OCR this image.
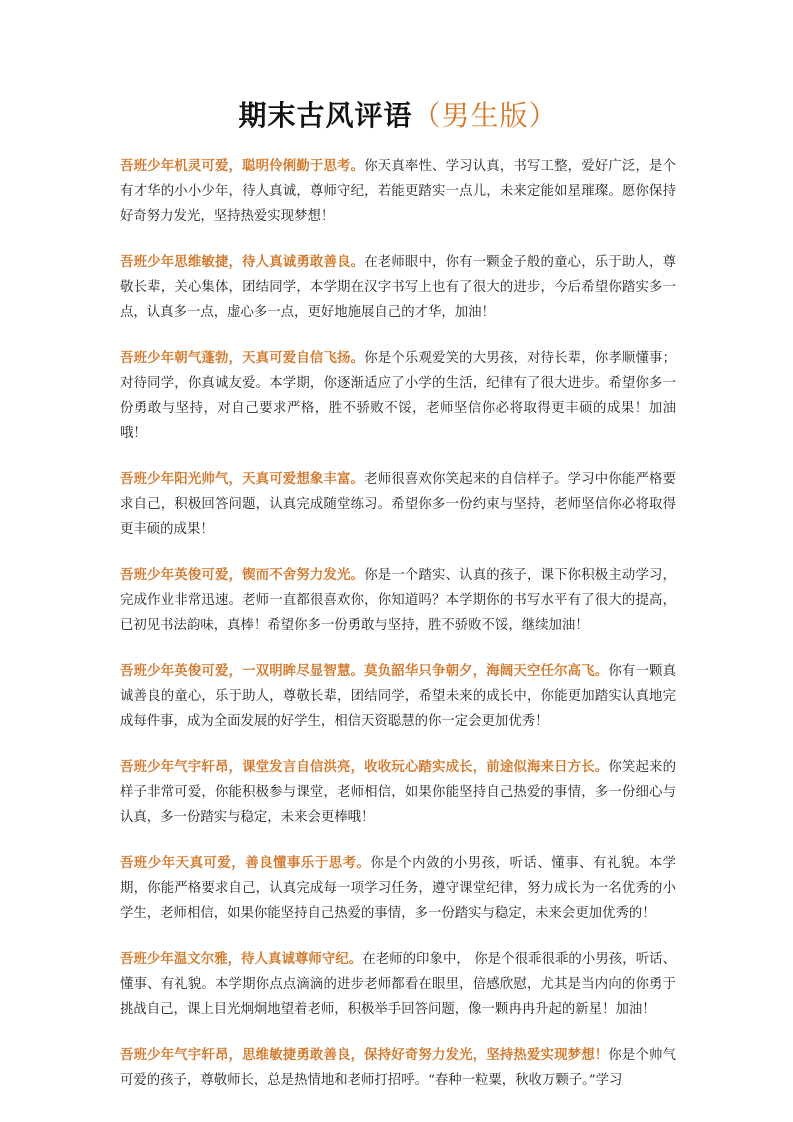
期末古风评语（男生版）

吾班少年机灵可爱，聪明伶俐勤于思考。你天真率性、学习认真，书写工整，爱好广泛，是个有才华的小小少年，待人真诚，尊师守纪，若能更踏实一点儿，未来定能如星璀璨。愿你保持好奇努力发光，坚持热爱实现梦想！

吾班少年思维敏捷，待人真诚勇敢善良。在老师眼中，你有一颗金子般的童心，乐于助人，尊敬长辈，关心集体，团结同学，本学期在汉字书写上也有了很大的进步，今后希望你踏实多一点，认真多一点，虚心多一点，更好地施展自己的才华，加油！

吾班少年朝气蓬勃，天真可爱自信飞扬。你是个乐观爱笑的大男孩，对待长辈，你孝顺懂事；对待同学，你真诚友爱。本学期，你逐渐适应了小学的生活，纪律有了很大进步。希望你多一份勇敢与坚持，对自己要求严格，胜不骄败不馁，老师坚信你必将取得更丰硕的成果！加油哦！

吾班少年阳光帅气，天真可爱想象丰富。老师很喜欢你笑起来的自信样子。学习中你能严格要求自己，积极回答问题，认真完成随堂练习。希望你多一份约束与坚持，老师坚信你必将取得更丰硕的成果！

吾班少年英俊可爱，锲而不舍努力发光。你是一个踏实、认真的孩子，课下你积极主动学习，完成作业非常迅速。老师一直都很喜欢你，你知道吗？本学期你的书写水平有了很大的提高，已初见书法韵味，真棒！希望你多一份勇敢与坚持，胜不骄败不馁，继续加油！

吾班少年英俊可爱，一双明眸尽显智慧。莫负韶华只争朝夕，海阔天空任尔高飞。你有一颗真诚善良的童心，乐于助人，尊敬长辈，团结同学，希望未来的成长中，你能更加踏实认真地完成每件事，成为全面发展的好学生，相信天资聪慧的你一定会更加优秀！

吾班少年气宇轩昂，课堂发言自信洪亮，收收玩心踏实成长，前途似海来日方长。你笑起来的样子非常可爱，你能积极参与课堂，老师相信，如果你能坚持自己热爱的事情，多一份细心与认真，多一份踏实与稳定，未来会更棒哦！

吾班少年天真可爱，善良懂事乐于思考。你是个内敛的小男孩，听话、懂事、有礼貌。本学期，你能严格要求自己，认真完成每一项学习任务，遵守课堂纪律，努力成长为一名优秀的小学生，老师相信，如果你能坚持自己热爱的事情，多一份踏实与稳定，未来会更加优秀的！

吾班少年温文尔雅，待人真诚尊师守纪。在老师的印象中， 你是个很乖很乖的小男孩，听话、懂事、有礼貌。本学期你点点滴滴的进步老师都看在眼里，倍感欣慰，尤其是当内向的你勇于挑战自己，课上目光炯炯地望着老师，积极举手回答问题，像一颗冉冉升起的新星！加油！

吾班少年气宇轩昂，思维敏捷勇敢善良，保持好奇努力发光，坚持热爱实现梦想！你是个帅气可爱的孩子，尊敬师长，总是热情地和老师打招呼。“春种一粒粟，秋收万颗子。”学习
